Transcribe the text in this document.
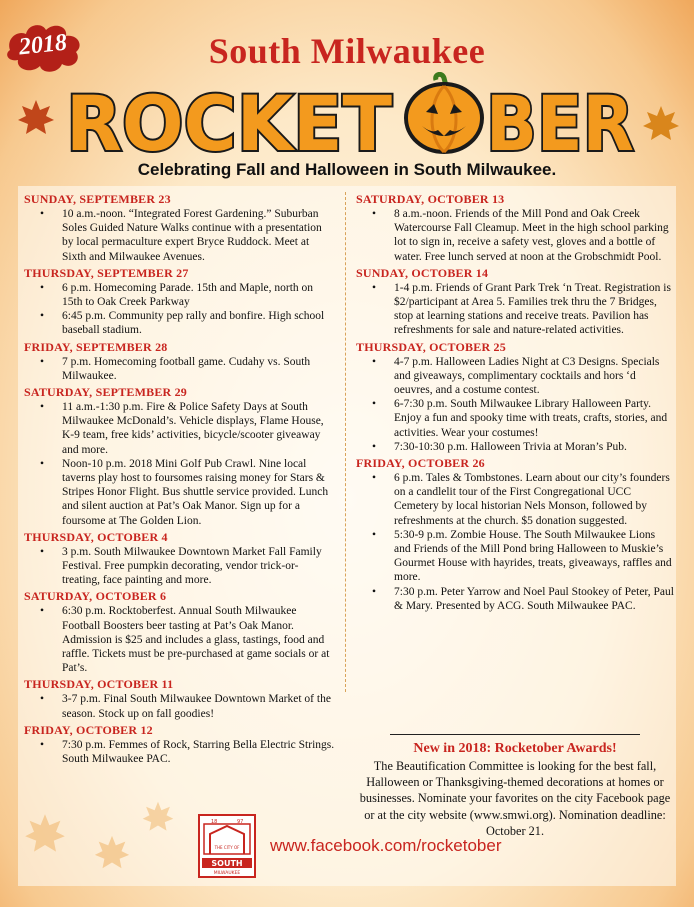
2018	South Milwaukee
ROCKET BER
Celebrating Fall and Halloween in South Milwaukee.
SUNDAY, SEPTEMBER 23
• 10 a.m.-noon. “Integrated Forest Gardening.” Suburban Soles Guided Nature Walks continue with a presentation by local permaculture expert Bryce Ruddock. Meet at Sixth and Milwaukee Avenues.
THURSDAY, SEPTEMBER 27
• 6 p.m. Homecoming Parade. 15th and Maple, north on 15th to Oak Creek Parkway
• 6:45 p.m. Community pep rally and bonfire. High school baseball stadium.
FRIDAY, SEPTEMBER 28
• 7 p.m. Homecoming football game. Cudahy vs. South Milwaukee.
SATURDAY, SEPTEMBER 29
• 11 a.m.-1:30 p.m. Fire & Police Safety Days at South Milwaukee McDonald’s. Vehicle displays, Flame House, K-9 team, free kids’ activities, bicycle/scooter giveaway and more.
• Noon-10 p.m. 2018 Mini Golf Pub Crawl. Nine local taverns play host to foursomes raising money for Stars & Stripes Honor Flight. Bus shuttle service provided. Lunch and silent auction at Pat’s Oak Manor. Sign up for a foursome at The Golden Lion.
THURSDAY, OCTOBER 4
• 3 p.m. South Milwaukee Downtown Market Fall Family Festival. Free pumpkin decorating, vendor trick-or-treating, face painting and more.
SATURDAY, OCTOBER 6
• 6:30 p.m. Rocktoberfest. Annual South Milwaukee Football Boosters beer tasting at Pat’s Oak Manor. Admission is $25 and includes a glass, tastings, food and raffle. Tickets must be pre-purchased at game socials or at Pat’s.
THURSDAY, OCTOBER 11
• 3-7 p.m. Final South Milwaukee Downtown Market of the season. Stock up on fall goodies!
FRIDAY, OCTOBER 12
• 7:30 p.m. Femmes of Rock, Starring Bella Electric Strings. South Milwaukee PAC.
SATURDAY, OCTOBER 13
• 8 a.m.-noon. Friends of the Mill Pond and Oak Creek Watercourse Fall Cleamup. Meet in the high school parking lot to sign in, receive a safety vest, gloves and a bottle of water. Free lunch served at noon at the Grobschmidt Pool.
SUNDAY, OCTOBER 14
• 1-4 p.m. Friends of Grant Park Trek ‘n Treat. Registration is $2/participant at Area 5. Families trek thru the 7 Bridges, stop at learning stations and receive treats. Pavilion has refreshments for sale and nature-related activities.
THURSDAY, OCTOBER 25
• 4-7 p.m. Halloween Ladies Night at C3 Designs. Specials and giveaways, complimentary cocktails and hors ‘d oeuvres, and a costume contest.
• 6-7:30 p.m. South Milwaukee Library Halloween Party. Enjoy a fun and spooky time with treats, crafts, stories, and activities. Wear your costumes!
• 7:30-10:30 p.m. Halloween Trivia at Moran’s Pub.
FRIDAY, OCTOBER 26
• 6 p.m. Tales & Tombstones. Learn about our city’s founders on a candlelit tour of the First Congregational UCC Cemetery by local historian Nels Monson, followed by refreshments at the church. $5 donation suggested.
• 5:30-9 p.m. Zombie House. The South Milwaukee Lions and Friends of the Mill Pond bring Halloween to Muskie’s Gourmet House with hayrides, treats, giveaways, raffles and more.
• 7:30 p.m. Peter Yarrow and Noel Paul Stookey of Peter, Paul & Mary. Presented by ACG. South Milwaukee PAC.
New in 2018: Rocketober Awards!
The Beautification Committee is looking for the best fall, Halloween or Thanksgiving-themed decorations at homes or businesses. Nominate your favorites on the city Facebook page or at the city website (www.smwi.org). Nomination deadline: October 21.
18	97
THE CITY OF
SOUTH
MILWAUKEE
www.facebook.com/rocketober
